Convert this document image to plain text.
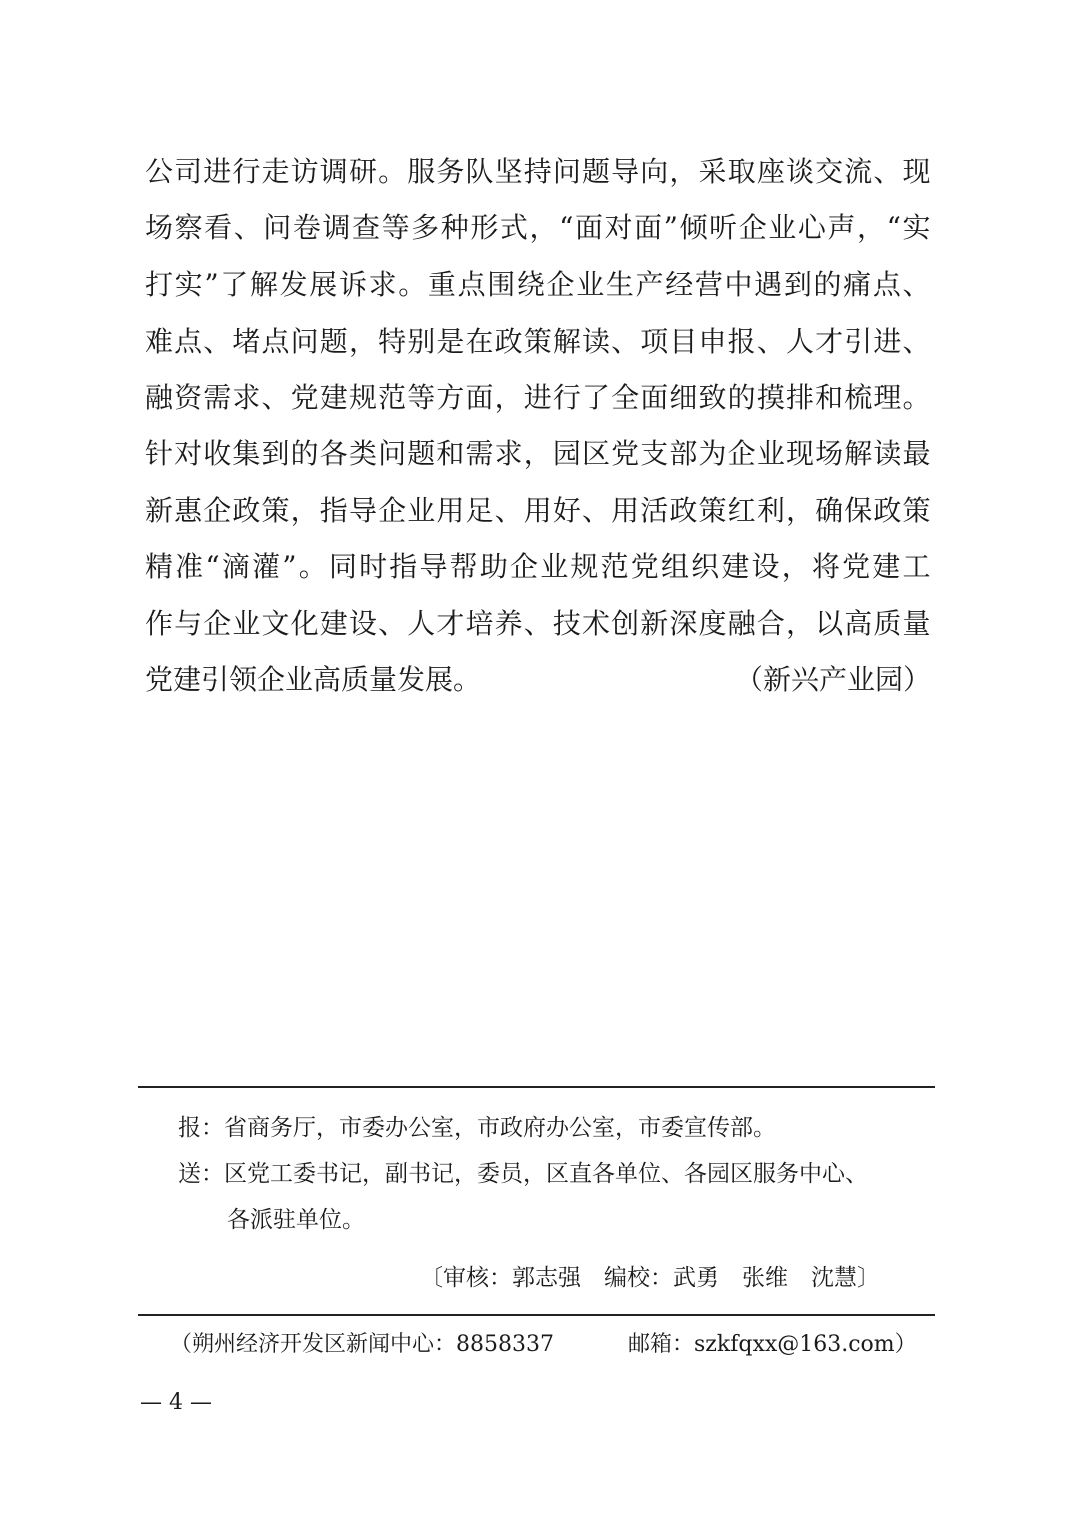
公司进行走访调研。服务队坚持问题导向，采取座谈交流、现
场察看、问卷调查等多种形式，“面对面”倾听企业心声，“实
打实”了解发展诉求。重点围绕企业生产经营中遇到的痛点、
难点、堵点问题，特别是在政策解读、项目申报、人才引进、
融资需求、党建规范等方面，进行了全面细致的摸排和梳理。
针对收集到的各类问题和需求，园区党支部为企业现场解读最
新惠企政策，指导企业用足、用好、用活政策红利，确保政策
精准“滴灌”。同时指导帮助企业规范党组织建设，将党建工
作与企业文化建设、人才培养、技术创新深度融合，以高质量
党建引领企业高质量发展。	（新兴产业园）
报：省商务厅，市委办公室，市政府办公室，市委宣传部。
送：区党工委书记，副书记，委员，区直各单位、各园区服务中心、
各派驻单位。
〔审核：郭志强　编校：武勇　张维　沈慧〕
（朔州经济开发区新闻中心：8858337	邮箱：szkfqxx@163.com）
— 4 —
